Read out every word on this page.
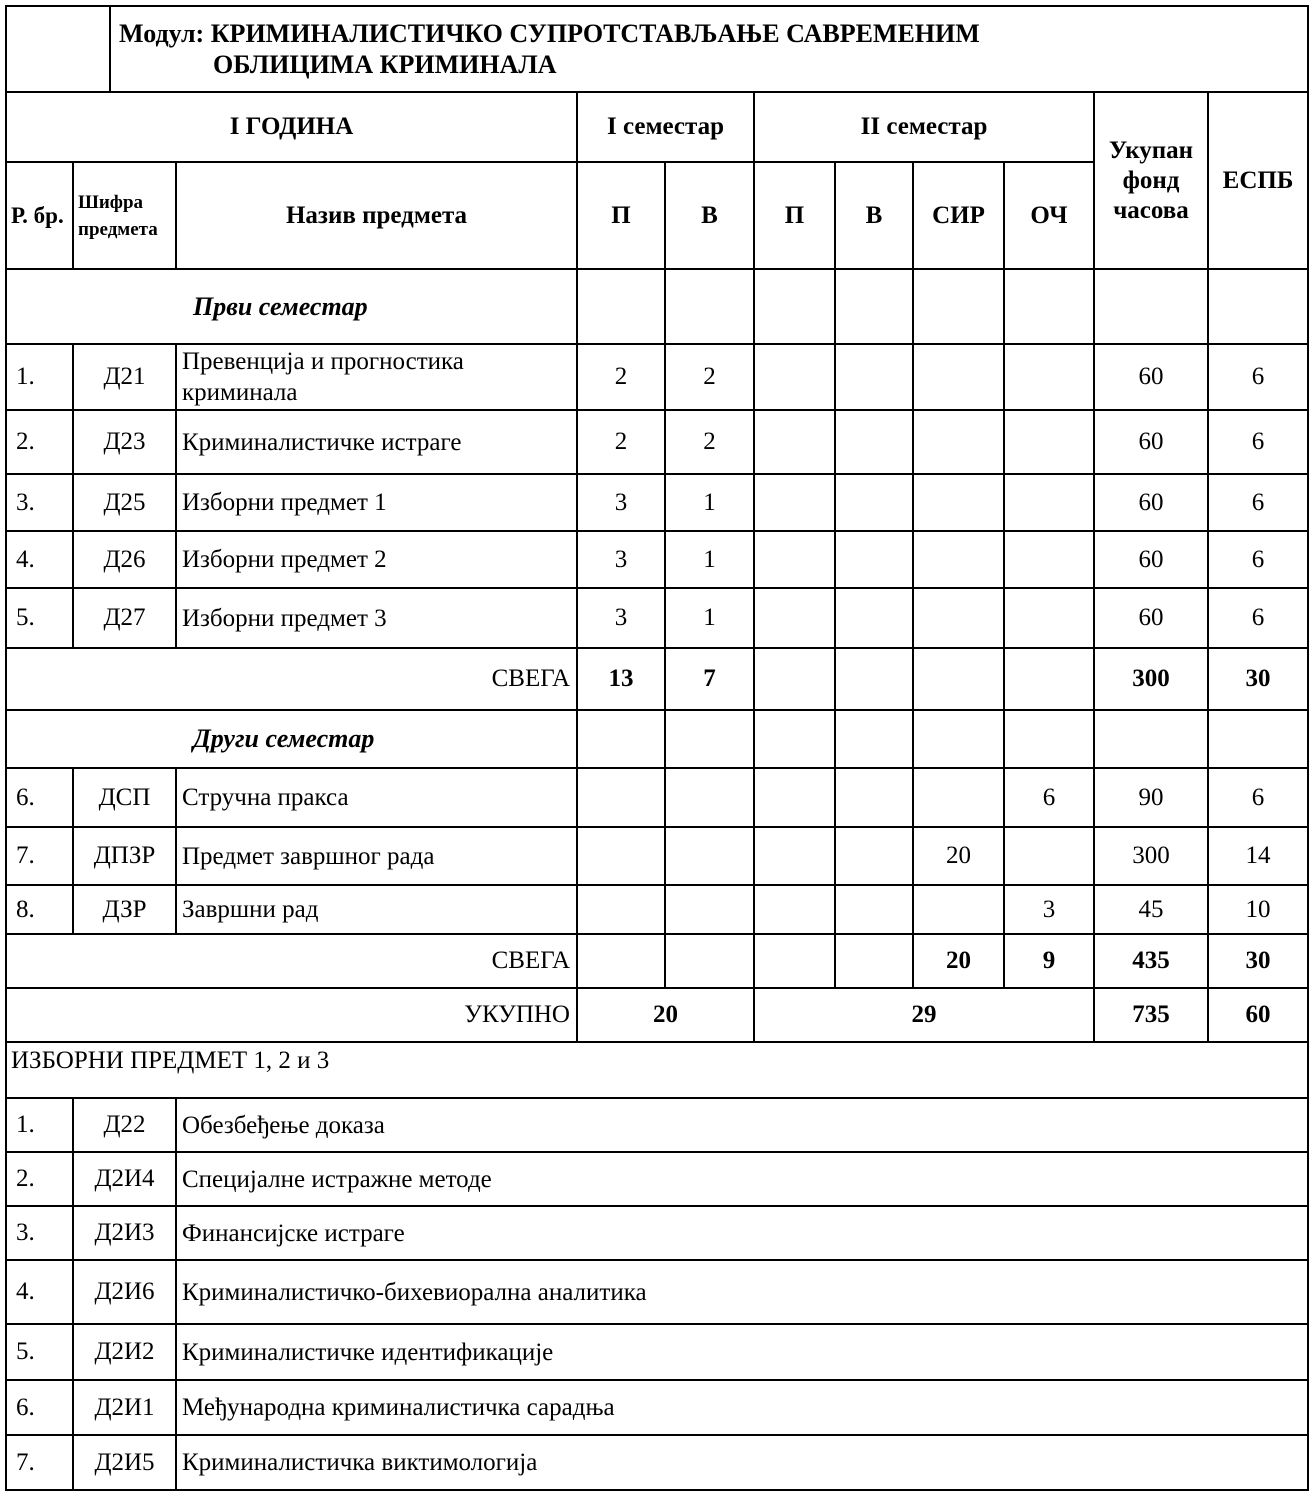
		Модул: КРИМИНАЛИСТИЧКО СУПРОТСТАВЉАЊЕ САВРЕМЕНИМ
ОБЛИЦИМА КРИМИНАЛА									

I ГОДИНА				I семестар		II семестар				Укупан фонд часова	ЕСПБ
Р. бр.	Шифра предмета		Назив предмета	П	В	П	В	СИР	ОЧ		
Први семестар											
1.	Д21		Превенција и прогностика криминала	2	2					60	6
2.	Д23		Криминалистичке истраге	2	2					60	6
3.	Д25		Изборни предмет 1	3	1					60	6
4.	Д26		Изборни предмет 2	3	1					60	6
5.	Д27		Изборни предмет 3	3	1					60	6
СВЕГА				13	7					300	30
Други семестар											
6.	ДСП		Стручна пракса						6	90	6
7.	ДПЗР		Предмет завршног рада					20		300	14
8.	ДЗР		Завршни рад						3	45	10
СВЕГА								20	9	435	30
УКУПНО				20		29				735	60
ИЗБОРНИ ПРЕДМЕТ 1, 2 и 3											
1.	Д22		Обезбеђење доказа								
2.	Д2И4		Специјалне истражне методе								
3.	Д2И3		Финансијске истраге								
4.	Д2И6		Криминалистичко-бихевиорална аналитика								
5.	Д2И2		Криминалистичке идентификације								
6.	Д2И1		Међународна криминалистичка сарадња								
7.	Д2И5		Криминалистичка виктимологија								
